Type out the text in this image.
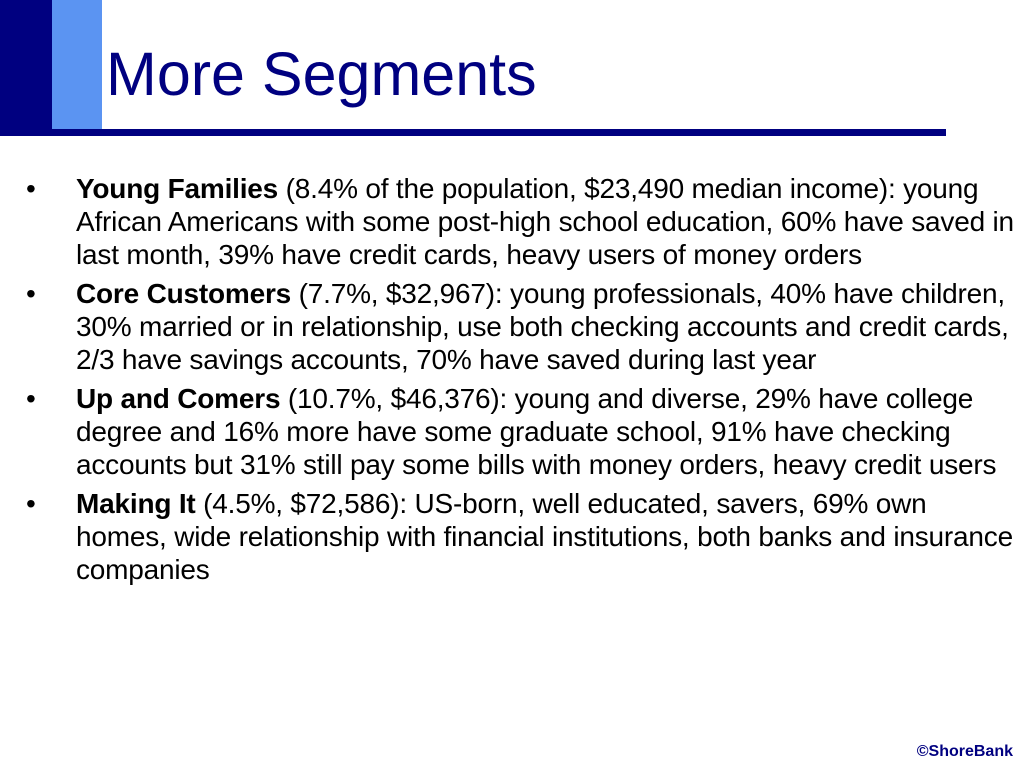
More Segments
•	Young Families (8.4% of the population, $23,490 median income): young African Americans with some post-high school education, 60% have saved in last month, 39% have credit cards, heavy users of money orders
•	Core Customers (7.7%, $32,967): young professionals, 40% have children, 30% married or in relationship, use both checking accounts and credit cards, 2/3 have savings accounts, 70% have saved during last year
•	Up and Comers (10.7%, $46,376): young and diverse, 29% have college degree and 16% more have some graduate school, 91% have checking accounts but 31% still pay some bills with money orders, heavy credit users
•	Making It (4.5%, $72,586): US-born, well educated, savers, 69% own homes, wide relationship with financial institutions, both banks and insurance companies
©ShoreBank
